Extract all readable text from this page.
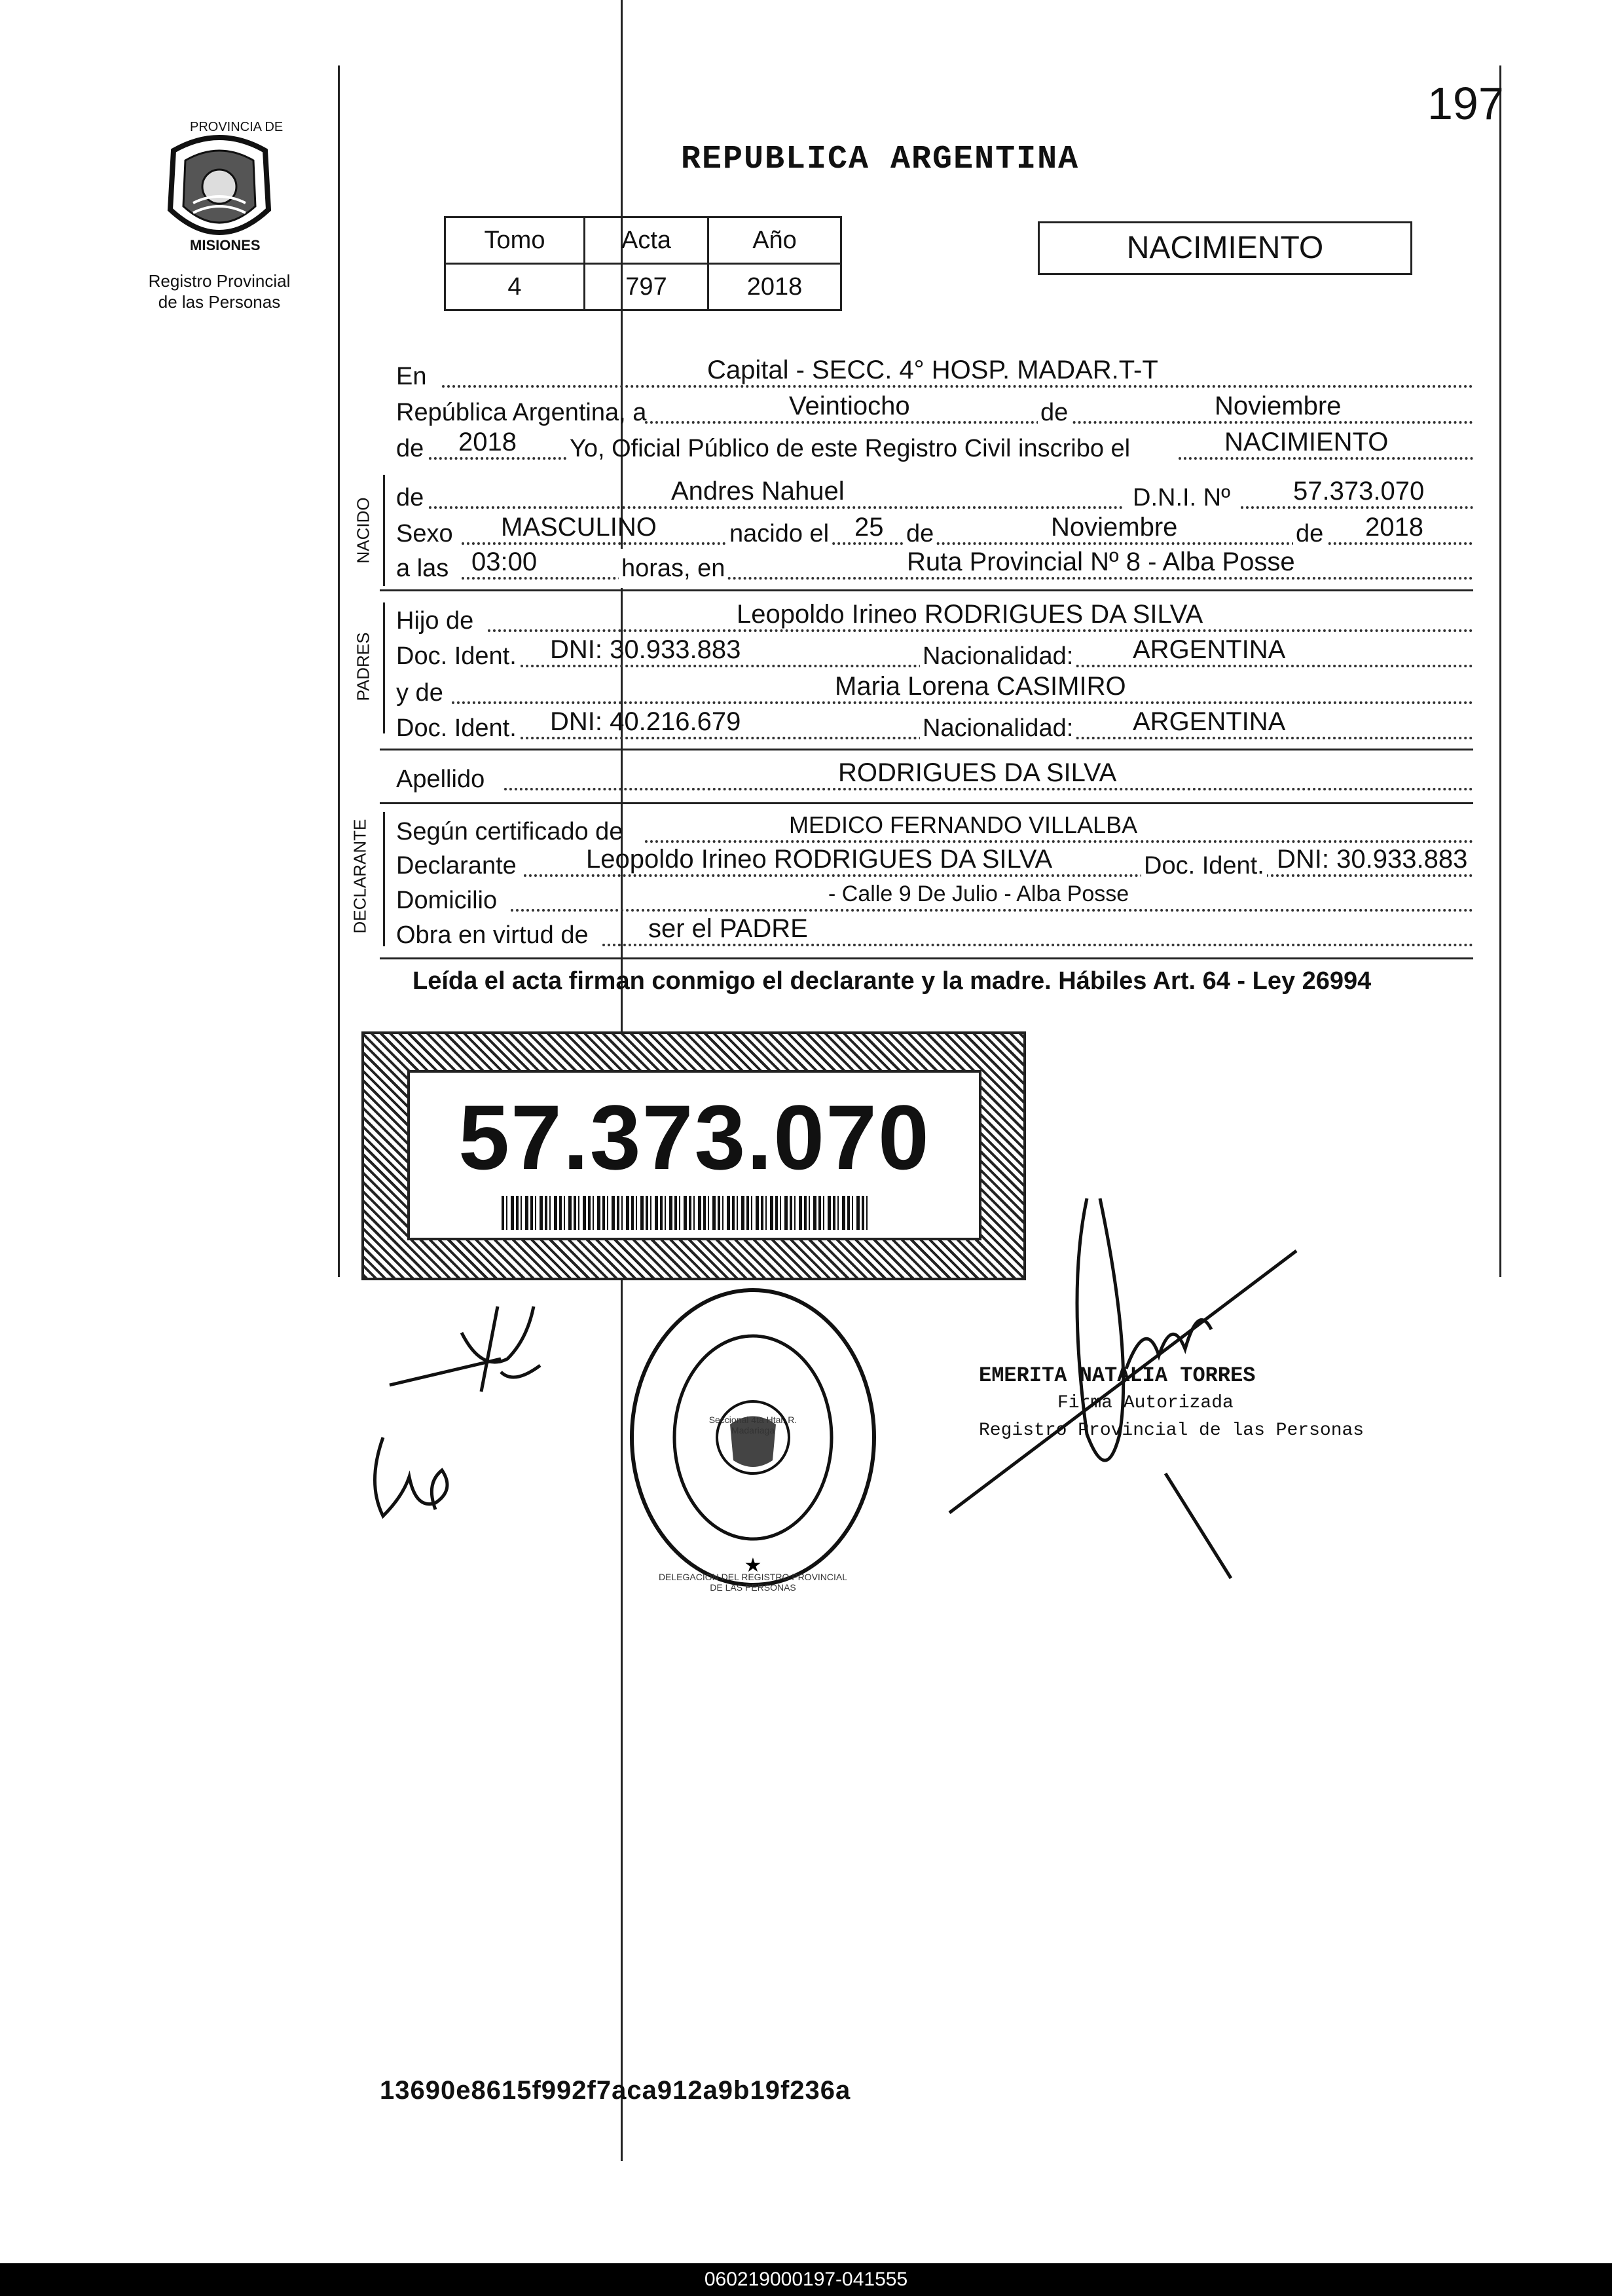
197
PROVINCIA DE
MISIONES
Registro Provincial
de las Personas
REPUBLICA ARGENTINA
Tomo	Acta	Año
4	797	2018
NACIMIENTO
En	Capital - SECC. 4° HOSP. MADAR.T-T
República Argentina, a	Veintiocho	de	Noviembre
de 2018 Yo, Oficial Público de este Registro Civil inscribo el	NACIMIENTO
NACIDO de	Andres Nahuel	D.N.I. Nº 57.373.070
Sexo MASCULINO	nacido el 25 de	Noviembre	de 2018
a las 03:00	horas, en	Ruta Provincial Nº 8 - Alba Posse
PADRES
Hijo de	Leopoldo Irineo RODRIGUES DA SILVA
Doc. Ident. DNI: 30.933.883	Nacionalidad: ARGENTINA
y de	Maria Lorena CASIMIRO
Doc. Ident. DNI: 40.216.679	Nacionalidad: ARGENTINA
Apellido	RODRIGUES DA SILVA
DECLARANTE Según certificado de	MEDICO FERNANDO VILLALBA
Declarante	Leopoldo Irineo RODRIGUES DA SILVA	Doc. Ident. DNI: 30.933.883
Domicilio	- Calle 9 De Julio - Alba Posse
Obra en virtud de ser el PADRE
Leída el acta firman conmigo el declarante y la madre. Hábiles Art. 64 - Ley 26994
57.373.070
★
DELEGACION DEL REGISTRO PROVINCIAL DE LAS PERSONAS
Seccional 4ta Htal. R. Madariaga
EMERITA NATALIA TORRES
Firma Autorizada
Registro Provincial de las Personas
13690e8615f992f7aca912a9b19f236a
060219000197-041555
